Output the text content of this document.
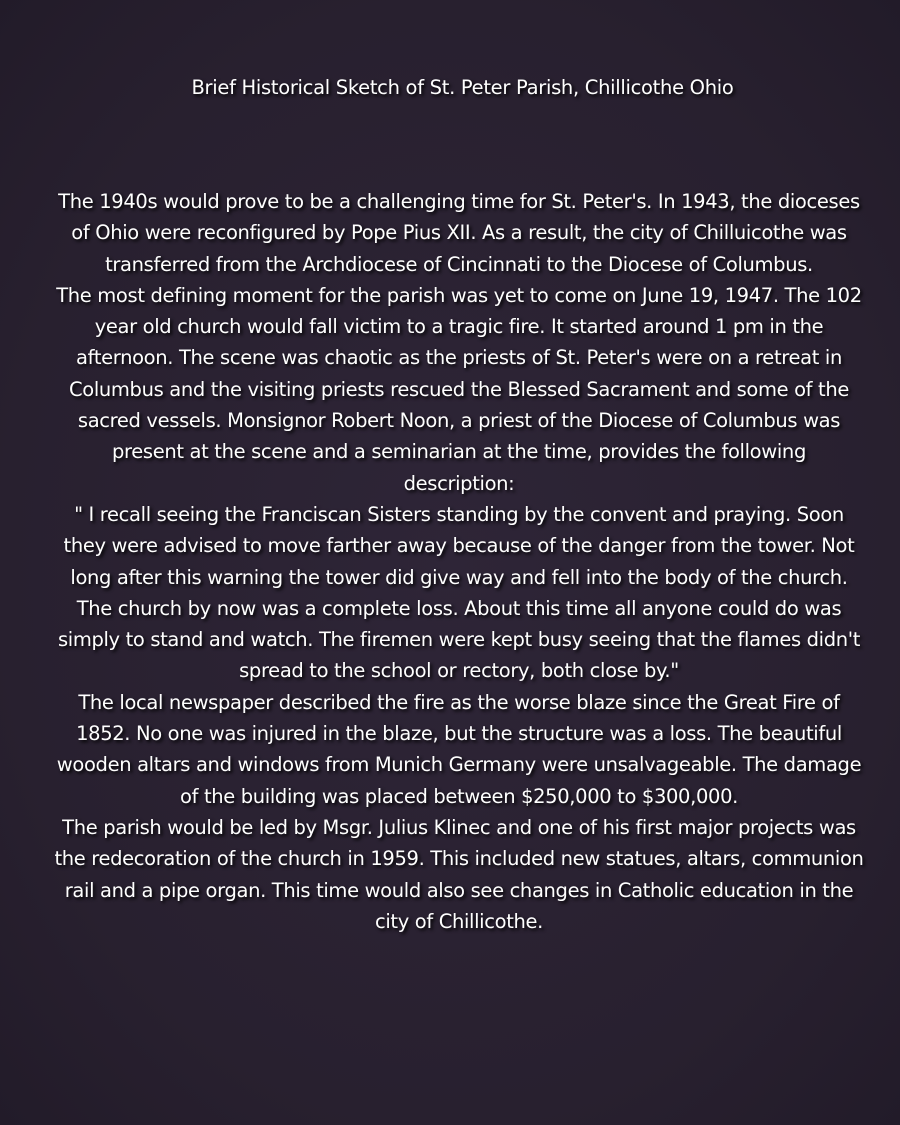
Brief Historical Sketch of St. Peter Parish, Chillicothe Ohio

The 1940s would prove to be a challenging time for St. Peter's. In 1943, the dioceses of Ohio were reconfigured by Pope Pius XII. As a result, the city of Chilluicothe was transferred from the Archdiocese of Cincinnati to the Diocese of Columbus.

The most defining moment for the parish was yet to come on June 19, 1947. The 102 year old church would fall victim to a tragic fire. It started around 1 pm in the afternoon. The scene was chaotic as the priests of St. Peter's were on a retreat in Columbus and the visiting priests rescued the Blessed Sacrament and some of the sacred vessels. Monsignor Robert Noon, a priest of the Diocese of Columbus was present at the scene and a seminarian at the time, provides the following description:

" I recall seeing the Franciscan Sisters standing by the convent and praying. Soon they were advised to move farther away because of the danger from the tower. Not long after this warning the tower did give way and fell into the body of the church. The church by now was a complete loss. About this time all anyone could do was simply to stand and watch. The firemen were kept busy seeing that the flames didn't spread to the school or rectory, both close by."

The local newspaper described the fire as the worse blaze since the Great Fire of 1852. No one was injured in the blaze, but the structure was a loss. The beautiful wooden altars and windows from Munich Germany were unsalvageable. The damage of the building was placed between $250,000 to $300,000.

The parish would be led by Msgr. Julius Klinec and one of his first major projects was the redecoration of the church in 1959. This included new statues, altars, communion rail and a pipe organ. This time would also see changes in Catholic education in the city of Chillicothe.
